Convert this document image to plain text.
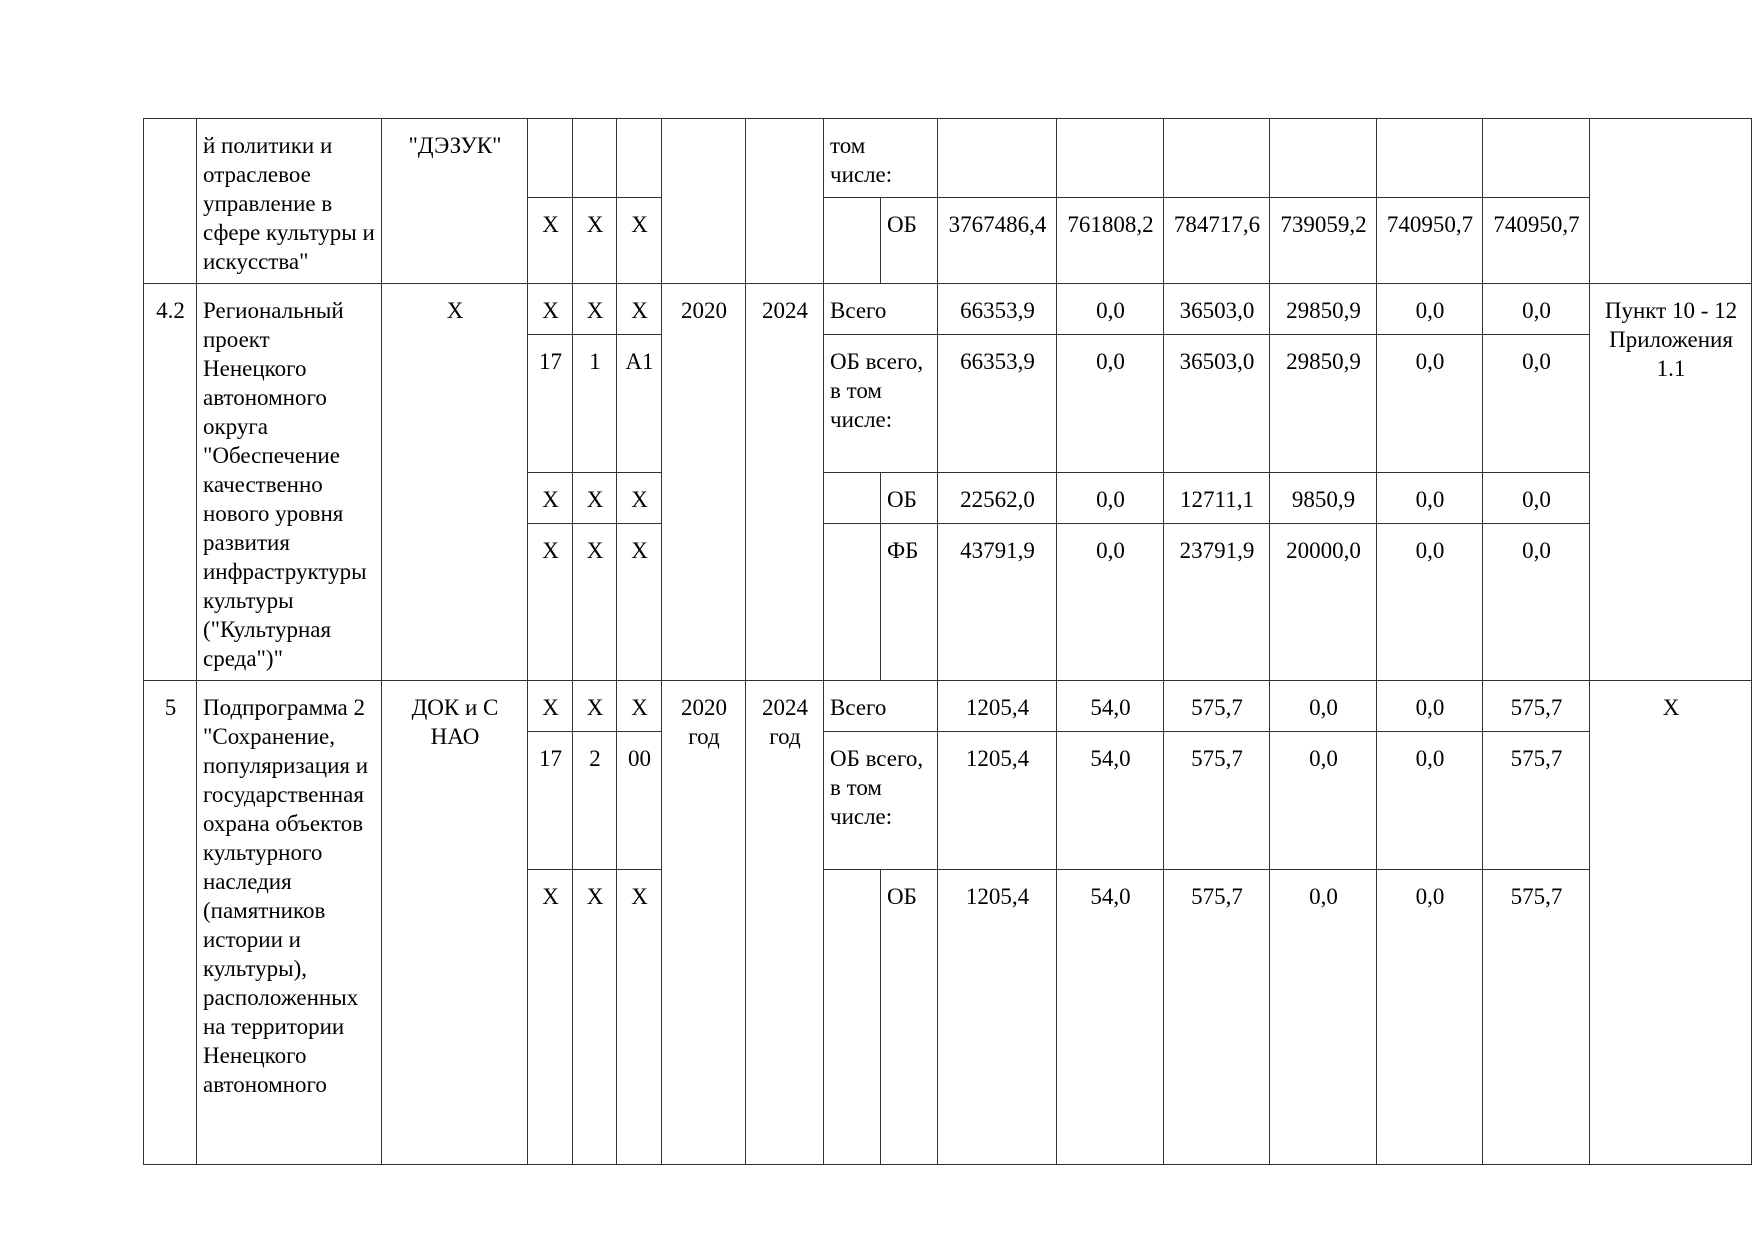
	й политики и отраслевое управление в сфере культуры и искусства"	"ДЭЗУК"						том числе:								
			Х	Х	Х				ОБ	3767486,4	761808,2	784717,6	739059,2	740950,7	740950,7	
4.2	Региональный проект Ненецкого автономного округа "Обеспечение качественно нового уровня развития инфраструктуры культуры ("Культурная среда")"	Х	Х	Х	Х	2020	2024	Всего		66353,9	0,0	36503,0	29850,9	0,0	0,0	Пункт 10 - 12 Приложения 1.1
			17	1	А1			ОБ всего, в том числе:		66353,9	0,0	36503,0	29850,9	0,0	0,0	
			Х	Х	Х				ОБ	22562,0	0,0	12711,1	9850,9	0,0	0,0	
			Х	Х	Х				ФБ	43791,9	0,0	23791,9	20000,0	0,0	0,0	
5	Подпрограмма 2 "Сохранение, популяризация и государственная охрана объектов культурного наследия (памятников истории и культуры), расположенных на территории Ненецкого автономного	ДОК и С НАО	Х	Х	Х	2020 год	2024 год	Всего		1205,4	54,0	575,7	0,0	0,0	575,7	Х
			17	2	00			ОБ всего, в том числе:		1205,4	54,0	575,7	0,0	0,0	575,7	
			Х	Х	Х				ОБ	1205,4	54,0	575,7	0,0	0,0	575,7	
